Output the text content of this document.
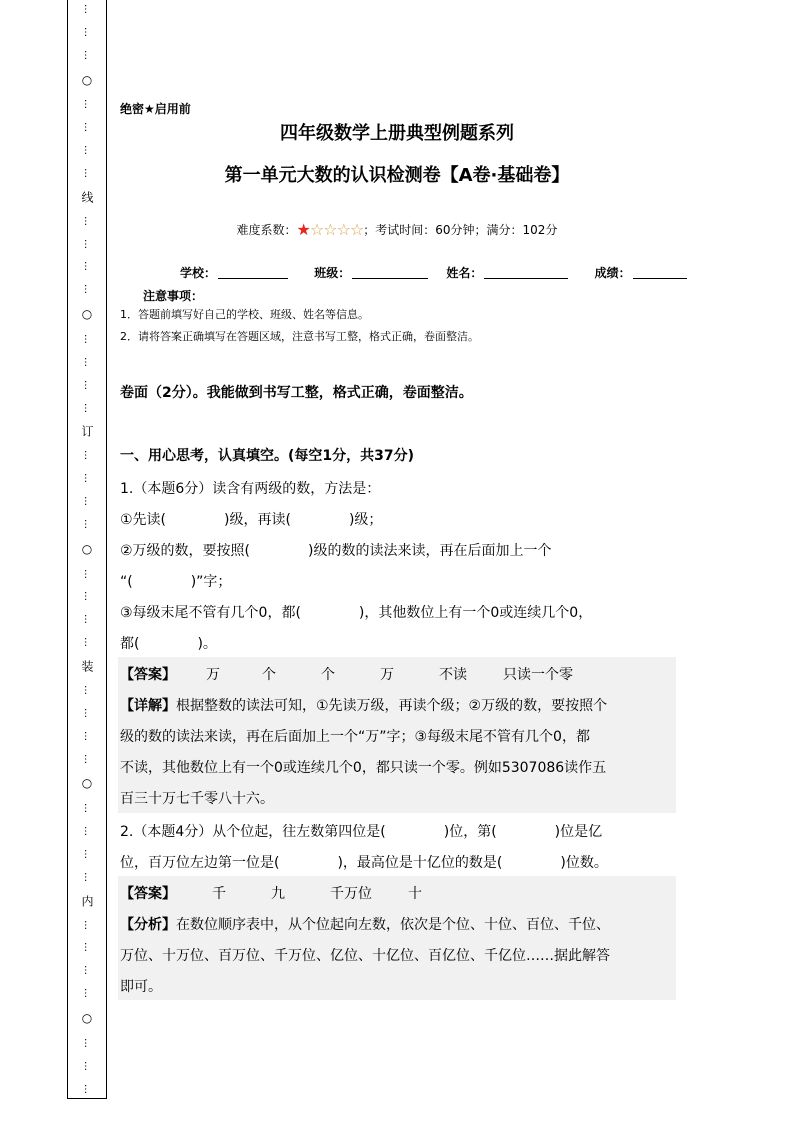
…
…
…
○
…
…
…
…
线
…
…
…
…
○
…
…
…
…
订
…
…
…
…
○
…
…
…
…
装
…
…
…
…
○
…
…
…
…
内
…
…
…
…
○
…
…
…
绝密★启用前
四年级数学上册典型例题系列
第一单元大数的认识检测卷【A卷·基础卷】
难度系数：★☆☆☆☆；考试时间：60分钟；满分：102分
学校：	班级：	姓名：	成绩：
注意事项：
1．答题前填写好自己的学校、班级、姓名等信息。
2．请将答案正确填写在答题区域，注意书写工整，格式正确，卷面整洁。
卷面（2分）。我能做到书写工整，格式正确，卷面整洁。
一、用心思考，认真填空。(每空1分，共37分)
1.（本题6分）读含有两级的数，方法是：
①先读(	)级，再读(	)级；
②万级的数，要按照(	)级的数的读法来读，再在后面加上一个
“(	)”字；
③每级末尾不管有几个0，都(	)，其他数位上有一个0或连续几个0，
都(	)。
【答案】 万	个	个	万	不读	只读一个零
【详解】根据整数的读法可知，①先读万级，再读个级；②万级的数，要按照个
级的数的读法来读，再在后面加上一个“万”字；③每级末尾不管有几个0，都
不读，其他数位上有一个0或连续几个0，都只读一个零。例如5307086读作五
百三十万七千零八十六。
2.（本题4分）从个位起，往左数第四位是(	)位，第(	)位是亿
位，百万位左边第一位是(	)，最高位是十亿位的数是(	)位数。
【答案】	千	九	千万位	十
【分析】在数位顺序表中，从个位起向左数，依次是个位、十位、百位、千位、
万位、十万位、百万位、千万位、亿位、十亿位、百亿位、千亿位……据此解答
即可。
